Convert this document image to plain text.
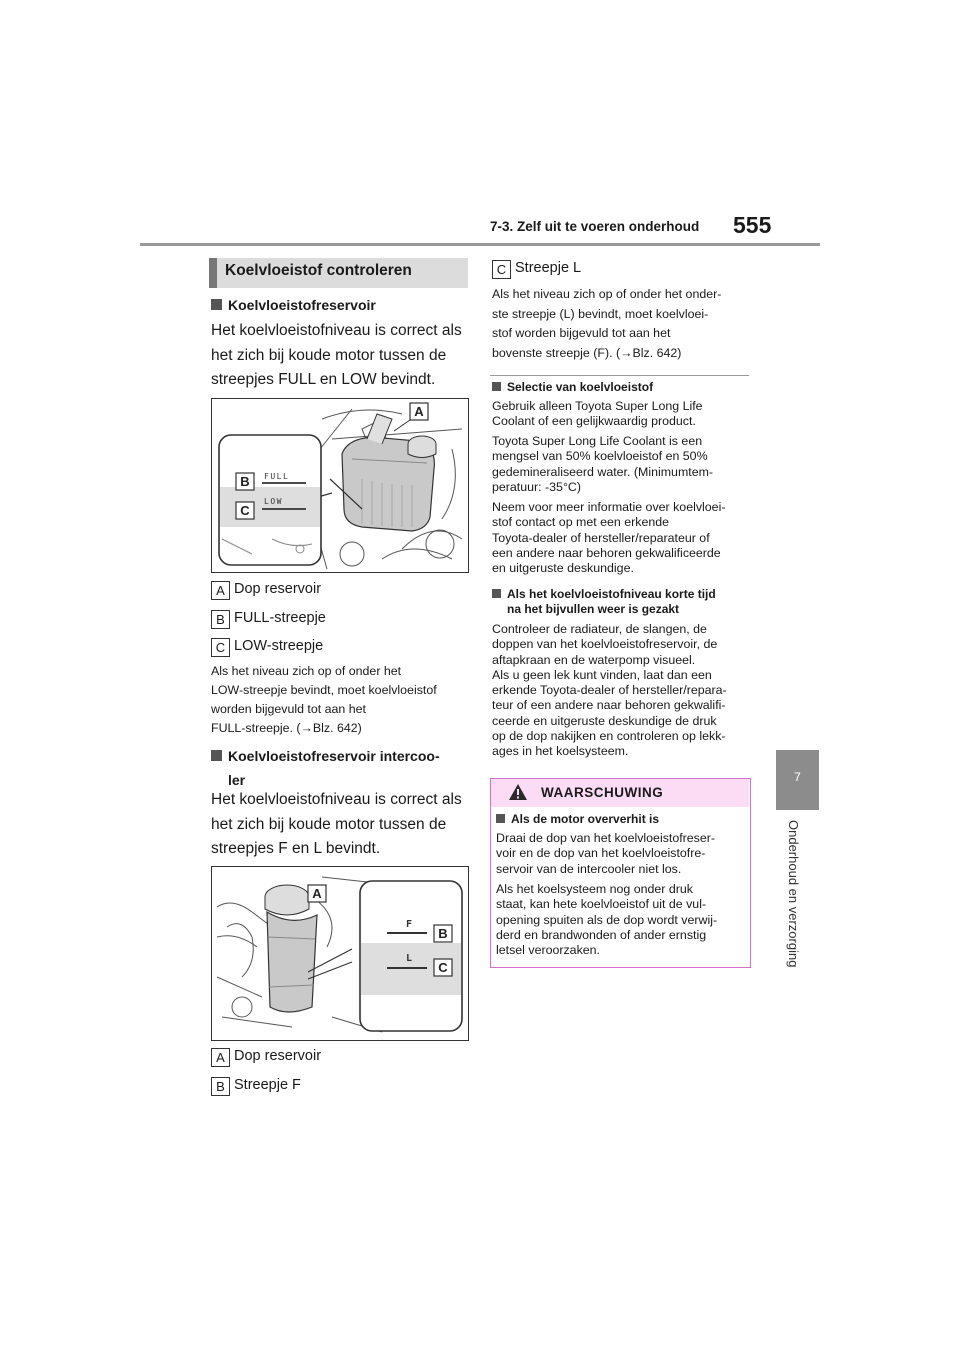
7-3. Zelf uit te voeren onderhoud 555
7
Onderhoud en verzorging
Koelvloeistof controleren
Koelvloeistofreservoir
Het koelvloeistofniveau is correct als
het zich bij koude motor tussen de
streepjes FULL en LOW bevindt.
FULL
LOW
A
B
C
A Dop reservoir
B FULL-streepje
C LOW-streepje
Als het niveau zich op of onder het
LOW-streepje bevindt, moet koelvloeistof
worden bijgevuld tot aan het
FULL-streepje. (→Blz. 642)
Koelvloeistofreservoir intercoo-
ler
Het koelvloeistofniveau is correct als
het zich bij koude motor tussen de
streepjes F en L bevindt.
F
L
A
B
C
A Dop reservoir
B Streepje F
C Streepje L
Als het niveau zich op of onder het onder-
ste streepje (L) bevindt, moet koelvloei-
stof worden bijgevuld tot aan het
bovenste streepje (F). (→Blz. 642)
Selectie van koelvloeistof
Gebruik alleen Toyota Super Long Life
Coolant of een gelijkwaardig product.
Toyota Super Long Life Coolant is een
mengsel van 50% koelvloeistof en 50%
gedemineraliseerd water. (Minimumtem-
peratuur: -35°C)
Neem voor meer informatie over koelvloei-
stof contact op met een erkende
Toyota-dealer of hersteller/reparateur of
een andere naar behoren gekwalificeerde
en uitgeruste deskundige.
Als het koelvloeistofniveau korte tijd
na het bijvullen weer is gezakt
Controleer de radiateur, de slangen, de
doppen van het koelvloeistofreservoir, de
aftapkraan en de waterpomp visueel.
Als u geen lek kunt vinden, laat dan een
erkende Toyota-dealer of hersteller/repara-
teur of een andere naar behoren gekwalifi-
ceerde en uitgeruste deskundige de druk
op de dop nakijken en controleren op lekk-
ages in het koelsysteem.
WAARSCHUWING
Als de motor oververhit is
Draai de dop van het koelvloeistofreser-
voir en de dop van het koelvloeistofre-
servoir van de intercooler niet los.
Als het koelsysteem nog onder druk
staat, kan hete koelvloeistof uit de vul-
opening spuiten als de dop wordt verwij-
derd en brandwonden of ander ernstig
letsel veroorzaken.
